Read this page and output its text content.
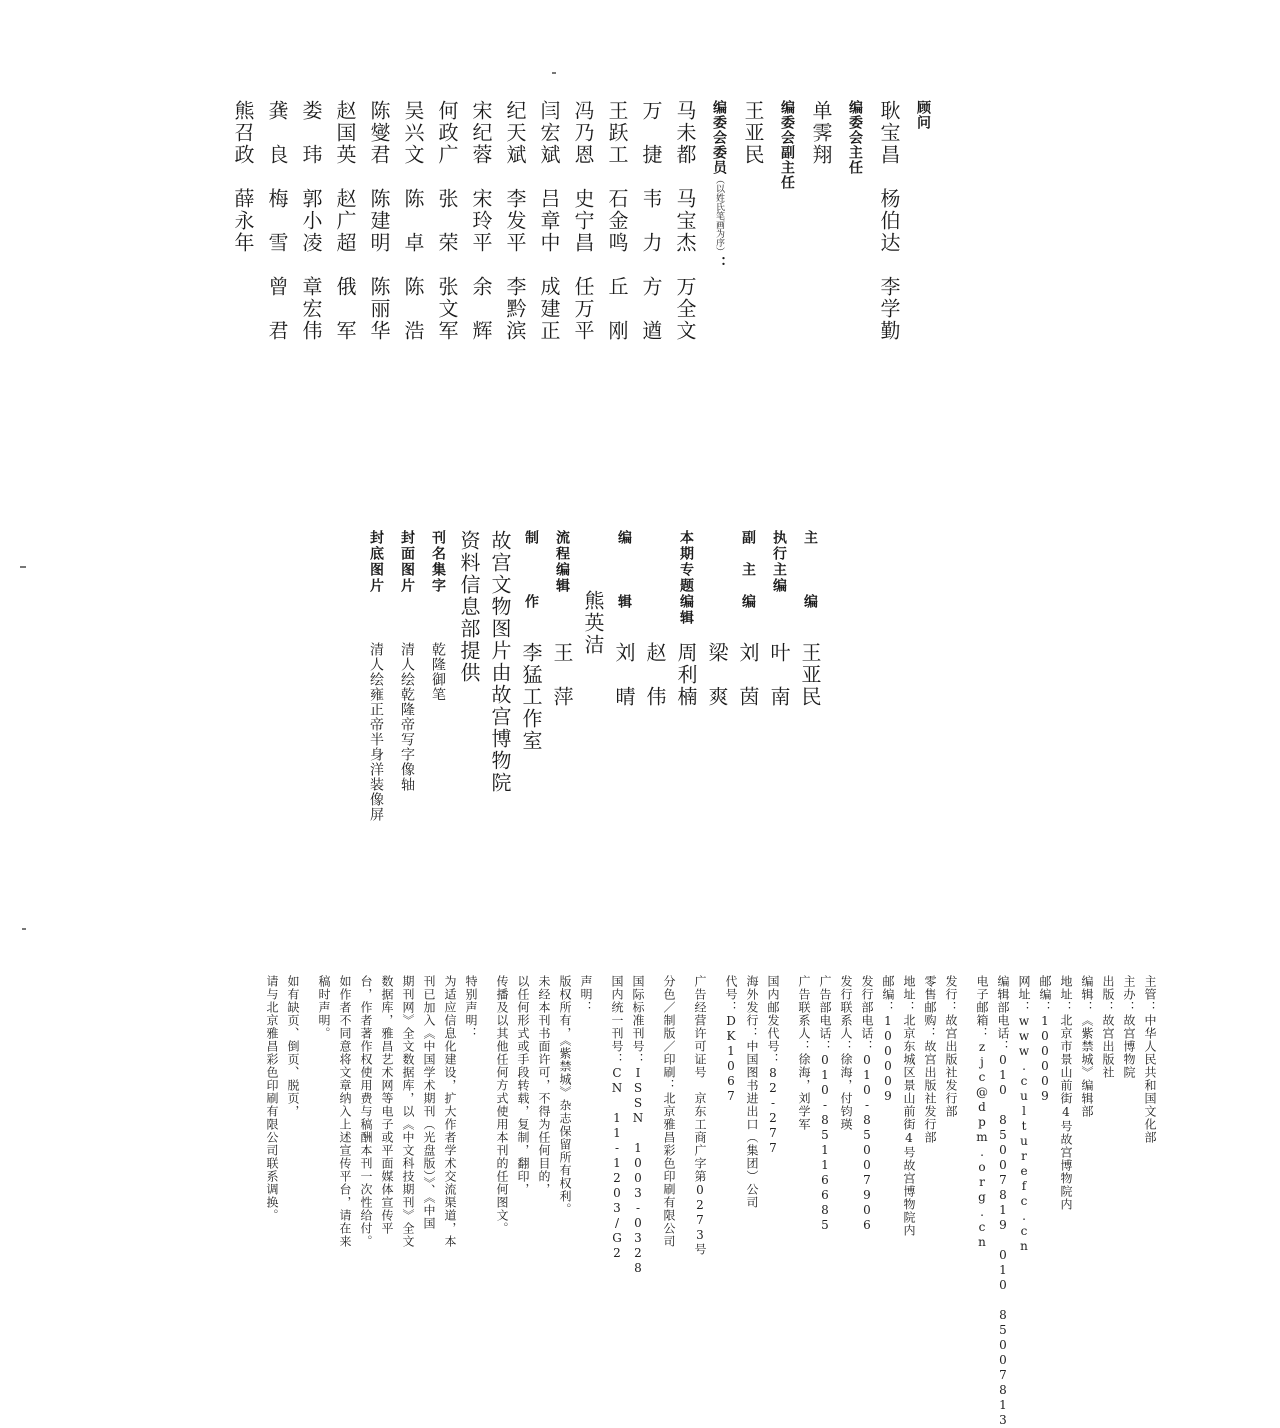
顾问
耿宝昌　杨伯达　李学勤
编委会主任
单霁翔
编委会副主任
王亚民
编委会委员（以姓氏笔画为序）：
马未都　马宝杰　万全文
万　捷　韦　力　方　遒
王跃工　石金鸣　丘　刚
冯乃恩　史宁昌　任万平
闫宏斌　吕章中　成建正
纪天斌　李发平　李黔滨
宋纪蓉　宋玲平　余　辉
何政广　张　荣　张文军
吴兴文　陈　卓　陈　浩
陈燮君　陈建明　陈丽华
赵国英　赵广超　俄　军
娄　玮　郭小凌　章宏伟
龚　良　梅　雪　曾　君
熊召政　薛永年
主　　　编王亚民
执行主编叶　南
副　主　编刘　茵
梁　爽
本期专题编辑周利楠
赵　伟
编　　　辑刘　晴
熊英洁
流程编辑王　萍
制　　　作李猛工作室
故宫文物图片由故宫博物院
资料信息部提供
刊名集字乾隆御笔
封面图片清人绘乾隆帝写字像轴
封底图片清人绘雍正帝半身洋装像屏
主管：中华人民共和国文化部
主办：故宫博物院
出版：故宫出版社
编辑：《紫禁城》编辑部
地址：北京市景山前街4号故宫博物院内
邮编：100009
网址：www.culturefc.cn
编辑部电话：010 85007819 010 85007813
电子邮箱：zjc@dpm.org.cn
发行：故宫出版社发行部
零售邮购：故宫出版社发行部
地址：北京东城区景山前街4号故宫博物院内
邮编：100009
发行部电话：010-85007906
发行联系人：徐海，付钧瑛
广告部电话：010-85116685
广告联系人：徐海，刘学军
国内邮发代号：82-277
海外发行：中国图书进出口（集团）公司
代号：DK1067
广告经营许可证号　京东工商广字第0273号
分色／制版／印刷：北京雅昌彩色印刷有限公司
国际标准刊号：ISSN 1003-0328
国内统一刊号：CN 11-1203/G2
声明：
版权所有，《紫禁城》杂志保留所有权利。
未经本刊书面许可，不得为任何目的，
以任何形式或手段转载，复制，翻印，
传播及以其他任何方式使用本刊的任何图文。
特别声明：
为适应信息化建设，扩大作者学术交流渠道，本
刊已加入《中国学术期刊（光盘版）》、《中国
期刊网》全文数据库，以《中文科技期刊》全文
数据库，雅昌艺术网等电子或平面媒体宣传平
台，作者著作权使用费与稿酬本刊一次性给付。
如作者不同意将文章纳入上述宣传平台，请在来
稿时声明。
如有缺页、倒页、脱页，
请与北京雅昌彩色印刷有限公司联系调换。
